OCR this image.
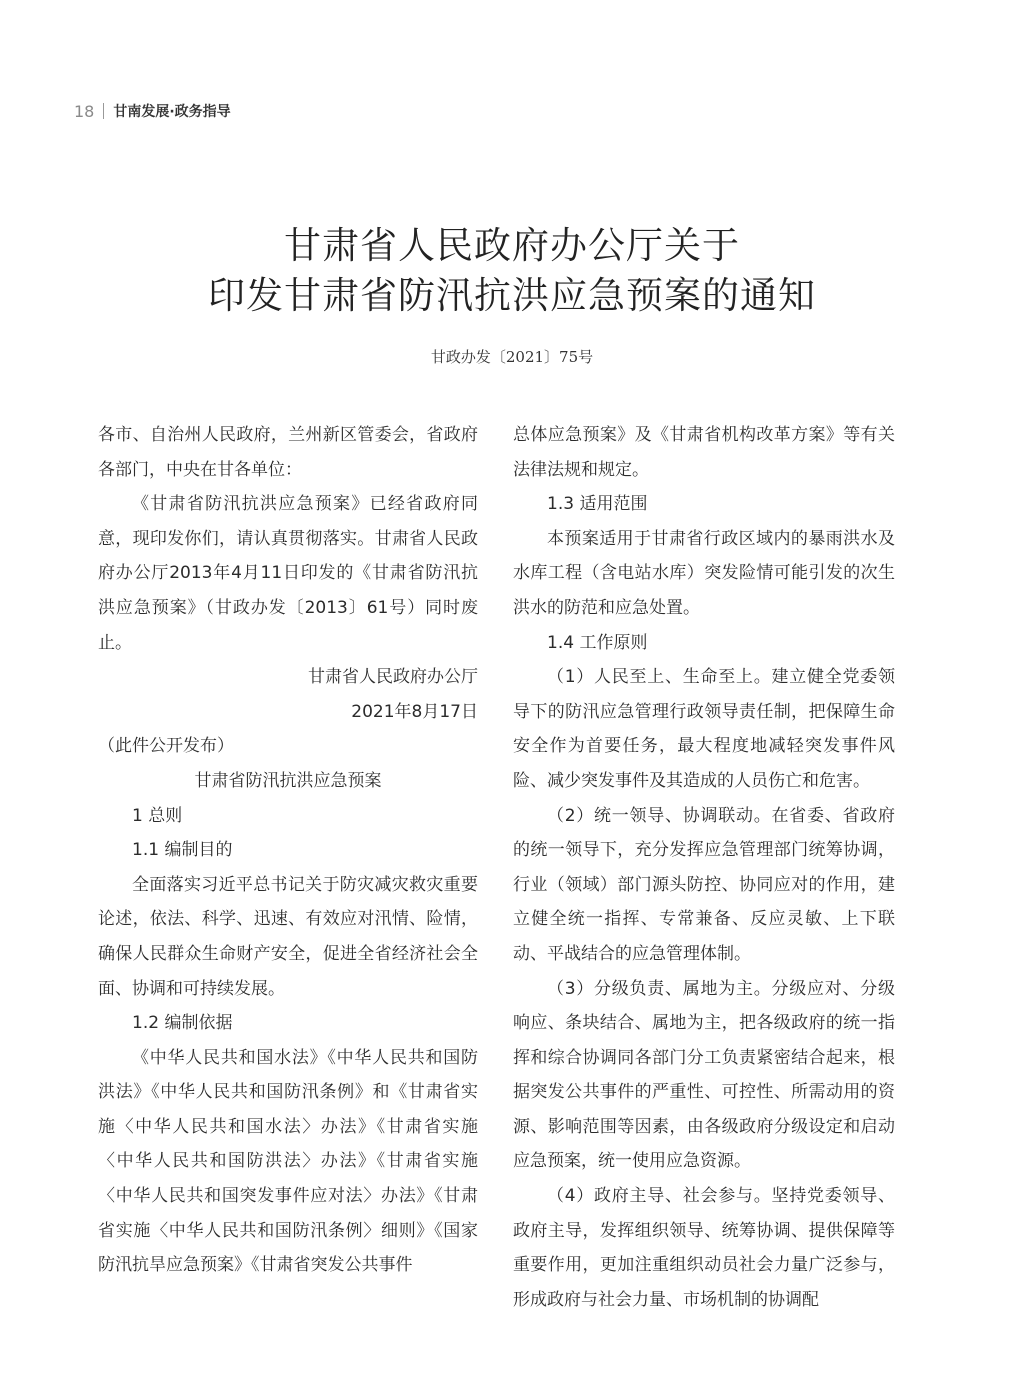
18 甘南发展·政务指导
甘肃省人民政府办公厅关于
印发甘肃省防汛抗洪应急预案的通知
甘政办发〔2021〕75号

各市、自治州人民政府，兰州新区管委会，省政府各部门，中央在甘各单位：

《甘肃省防汛抗洪应急预案》已经省政府同意，现印发你们，请认真贯彻落实。甘肃省人民政府办公厅2013年4月11日印发的《甘肃省防汛抗洪应急预案》（甘政办发〔2013〕61号）同时废止。

甘肃省人民政府办公厅

2021年8月17日

（此件公开发布）

甘肃省防汛抗洪应急预案

1 总则

1.1 编制目的

全面落实习近平总书记关于防灾减灾救灾重要论述，依法、科学、迅速、有效应对汛情、险情，确保人民群众生命财产安全，促进全省经济社会全面、协调和可持续发展。

1.2 编制依据

《中华人民共和国水法》《中华人民共和国防洪法》《中华人民共和国防汛条例》和《甘肃省实施〈中华人民共和国水法〉办法》《甘肃省实施〈中华人民共和国防洪法〉办法》《甘肃省实施〈中华人民共和国突发事件应对法〉办法》《甘肃省实施〈中华人民共和国防汛条例〉细则》《国家防汛抗旱应急预案》《甘肃省突发公共事件

总体应急预案》及《甘肃省机构改革方案》等有关法律法规和规定。

1.3 适用范围

本预案适用于甘肃省行政区域内的暴雨洪水及水库工程（含电站水库）突发险情可能引发的次生洪水的防范和应急处置。

1.4 工作原则

（1）人民至上、生命至上。建立健全党委领导下的防汛应急管理行政领导责任制，把保障生命安全作为首要任务，最大程度地减轻突发事件风险、减少突发事件及其造成的人员伤亡和危害。

（2）统一领导、协调联动。在省委、省政府的统一领导下，充分发挥应急管理部门统筹协调，行业（领域）部门源头防控、协同应对的作用，建立健全统一指挥、专常兼备、反应灵敏、上下联动、平战结合的应急管理体制。

（3）分级负责、属地为主。分级应对、分级响应、条块结合、属地为主，把各级政府的统一指挥和综合协调同各部门分工负责紧密结合起来，根据突发公共事件的严重性、可控性、所需动用的资源、影响范围等因素，由各级政府分级设定和启动应急预案，统一使用应急资源。

（4）政府主导、社会参与。坚持党委领导、政府主导，发挥组织领导、统筹协调、提供保障等重要作用，更加注重组织动员社会力量广泛参与，形成政府与社会力量、市场机制的协调配
